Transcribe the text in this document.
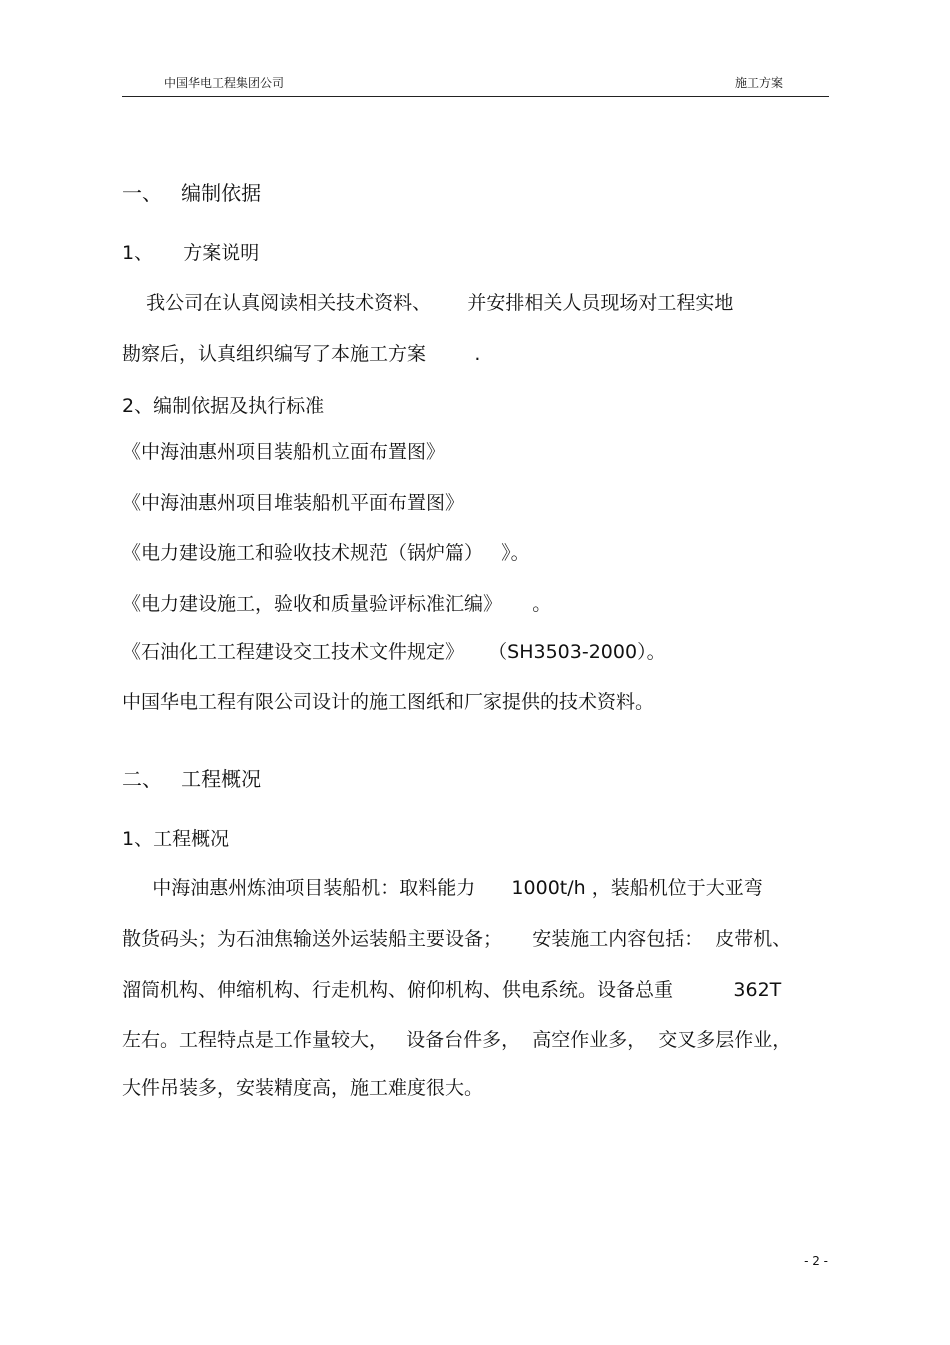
中国华电工程集团公司	施工方案
一、   编制依据
1、     方案说明
我公司在认真阅读相关技术资料、      并安排相关人员现场对工程实地
勘察后，认真组织编写了本施工方案        .
2、编制依据及执行标准
《中海油惠州项目装船机立面布置图》
《中海油惠州项目堆装船机平面布置图》
《电力建设施工和验收技术规范（锅炉篇）   》。
《电力建设施工，验收和质量验评标准汇编》     。
《石油化工工程建设交工技术文件规定》    （SH3503-2000）。
中国华电工程有限公司设计的施工图纸和厂家提供的技术资料。
二、   工程概况
1、工程概况
中海油惠州炼油项目装船机：取料能力      1000t/h ，装船机位于大亚弯
散货码头；为石油焦输送外运装船主要设备；     安装施工内容包括：  皮带机、
溜筒机构、伸缩机构、行走机构、俯仰机构、供电系统。设备总重          362T
左右。工程特点是工作量较大，   设备台件多，  高空作业多，  交叉多层作业，
大件吊装多，安装精度高，施工难度很大。
- 2 -
